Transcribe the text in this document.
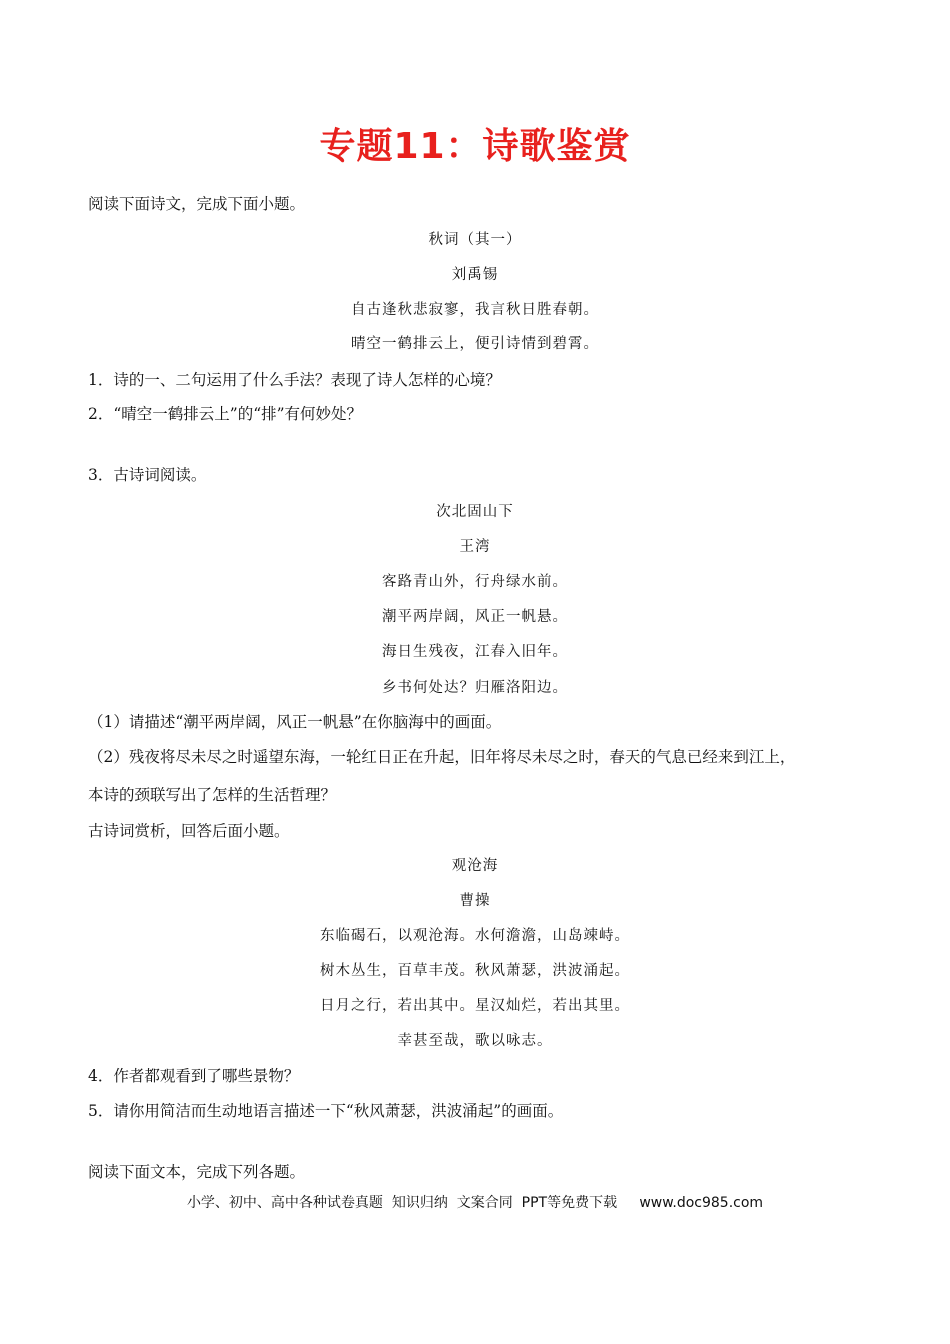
专题11：诗歌鉴赏
阅读下面诗文，完成下面小题。
秋词（其一）
刘禹锡
自古逢秋悲寂寥，我言秋日胜春朝。
晴空一鹤排云上，便引诗情到碧霄。
1．诗的一、二句运用了什么手法？表现了诗人怎样的心境？
2．“晴空一鹤排云上”的“排”有何妙处？
3．古诗词阅读。
次北固山下
王湾
客路青山外，行舟绿水前。
潮平两岸阔，风正一帆悬。
海日生残夜，江春入旧年。
乡书何处达？归雁洛阳边。
（1）请描述“潮平两岸阔，风正一帆悬”在你脑海中的画面。
（2）残夜将尽未尽之时遥望东海，一轮红日正在升起，旧年将尽未尽之时，春天的气息已经来到江上，
本诗的颈联写出了怎样的生活哲理？
古诗词赏析，回答后面小题。
观沧海
曹操
东临碣石，以观沧海。水何澹澹，山岛竦峙。
树木丛生，百草丰茂。秋风萧瑟，洪波涌起。
日月之行，若出其中。星汉灿烂，若出其里。
幸甚至哉，歌以咏志。
4．作者都观看到了哪些景物？
5．请你用简洁而生动地语言描述一下“秋风萧瑟，洪波涌起”的画面。
阅读下面文本，完成下列各题。
小学、初中、高中各种试卷真题  知识归纳  文案合同  PPT等免费下载     www.doc985.com
